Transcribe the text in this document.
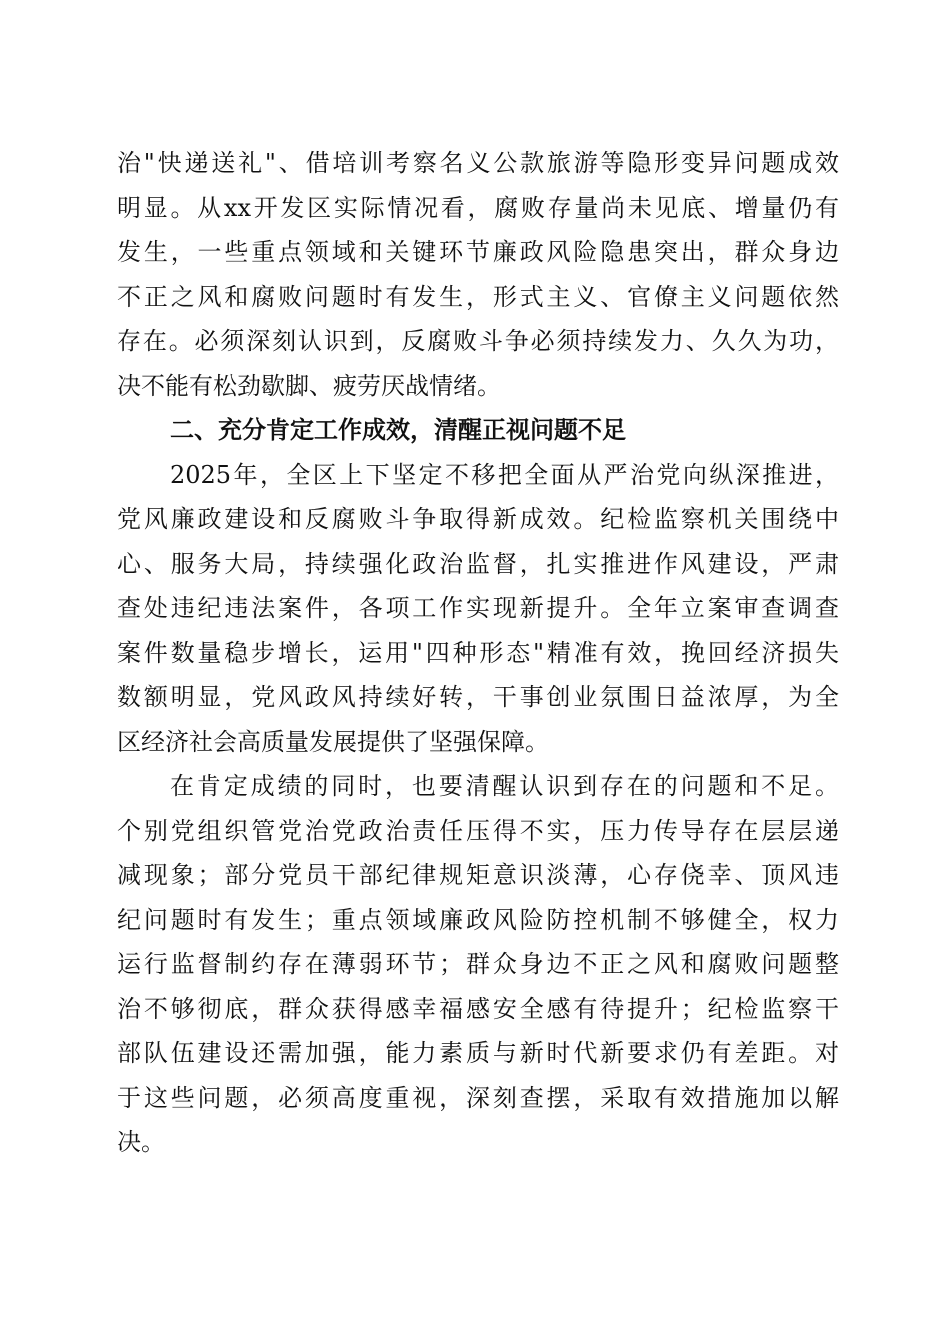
治"快递送礼"、借培训考察名义公款旅游等隐形变异问题成效
明显。从xx开发区实际情况看，腐败存量尚未见底、增量仍有
发生，一些重点领域和关键环节廉政风险隐患突出，群众身边
不正之风和腐败问题时有发生，形式主义、官僚主义问题依然
存在。必须深刻认识到，反腐败斗争必须持续发力、久久为功，
决不能有松劲歇脚、疲劳厌战情绪。
二、充分肯定工作成效，清醒正视问题不足
2025年，全区上下坚定不移把全面从严治党向纵深推进，
党风廉政建设和反腐败斗争取得新成效。纪检监察机关围绕中
心、服务大局，持续强化政治监督，扎实推进作风建设，严肃
查处违纪违法案件，各项工作实现新提升。全年立案审查调查
案件数量稳步增长，运用"四种形态"精准有效，挽回经济损失
数额明显，党风政风持续好转，干事创业氛围日益浓厚，为全
区经济社会高质量发展提供了坚强保障。
在肯定成绩的同时，也要清醒认识到存在的问题和不足。
个别党组织管党治党政治责任压得不实，压力传导存在层层递
减现象；部分党员干部纪律规矩意识淡薄，心存侥幸、顶风违
纪问题时有发生；重点领域廉政风险防控机制不够健全，权力
运行监督制约存在薄弱环节；群众身边不正之风和腐败问题整
治不够彻底，群众获得感幸福感安全感有待提升；纪检监察干
部队伍建设还需加强，能力素质与新时代新要求仍有差距。对
于这些问题，必须高度重视，深刻查摆，采取有效措施加以解
决。
